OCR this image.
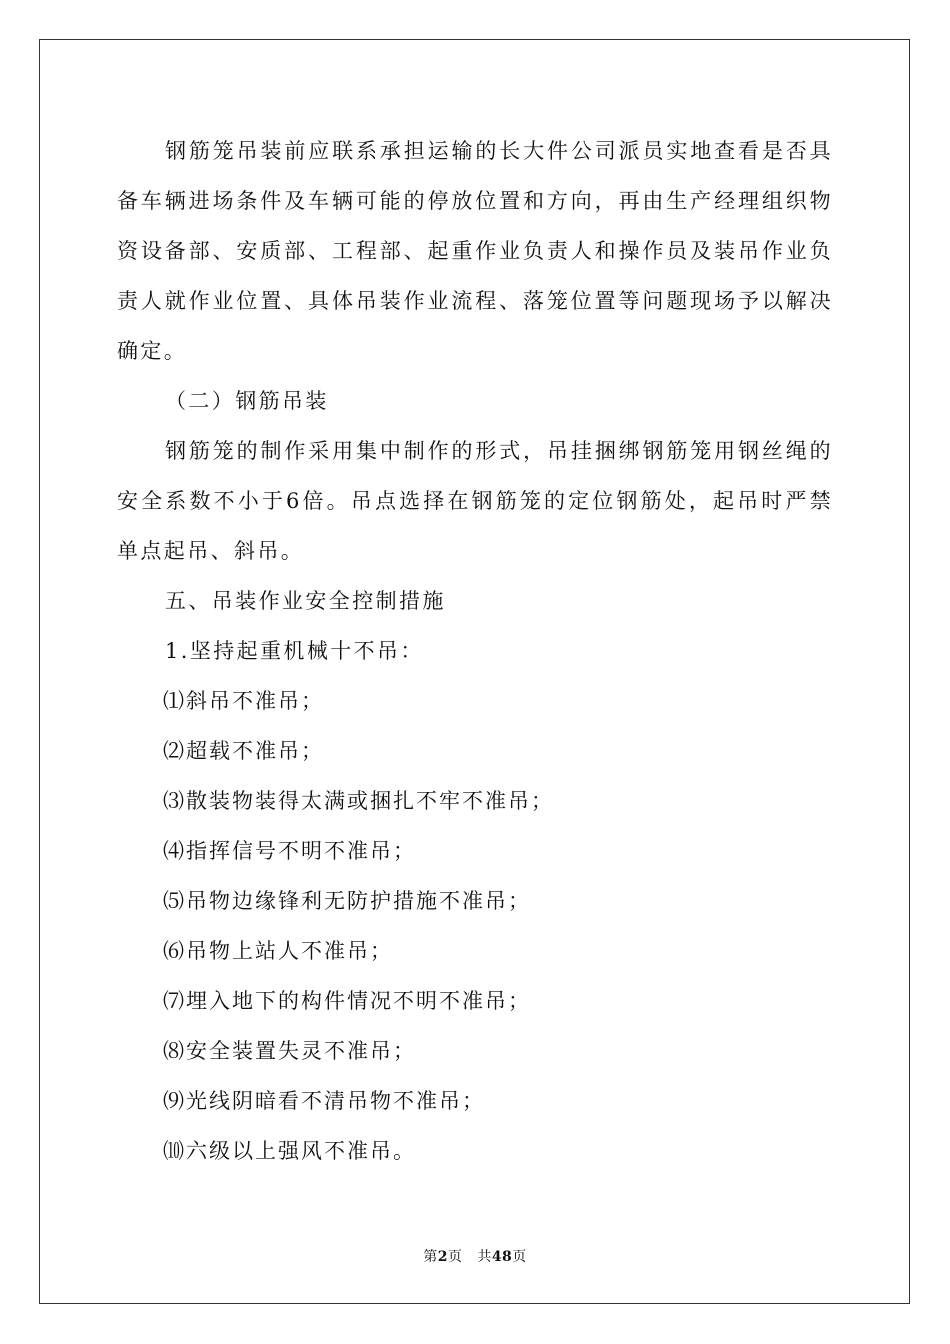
钢筋笼吊装前应联系承担运输的长大件公司派员实地查看是否具备车辆进场条件及车辆可能的停放位置和方向，再由生产经理组织物资设备部、安质部、工程部、起重作业负责人和操作员及装吊作业负责人就作业位置、具体吊装作业流程、落笼位置等问题现场予以解决确定。

（二）钢筋吊装

钢筋笼的制作采用集中制作的形式，吊挂捆绑钢筋笼用钢丝绳的安全系数不小于6倍。吊点选择在钢筋笼的定位钢筋处，起吊时严禁单点起吊、斜吊。

五、吊装作业安全控制措施

1.坚持起重机械十不吊：

⑴斜吊不准吊；

⑵超载不准吊；

⑶散装物装得太满或捆扎不牢不准吊；

⑷指挥信号不明不准吊；

⑸吊物边缘锋利无防护措施不准吊；

⑹吊物上站人不准吊；

⑺埋入地下的构件情况不明不准吊；

⑻安全装置失灵不准吊；

⑼光线阴暗看不清吊物不准吊；

⑽六级以上强风不准吊。

第2页 共48页
